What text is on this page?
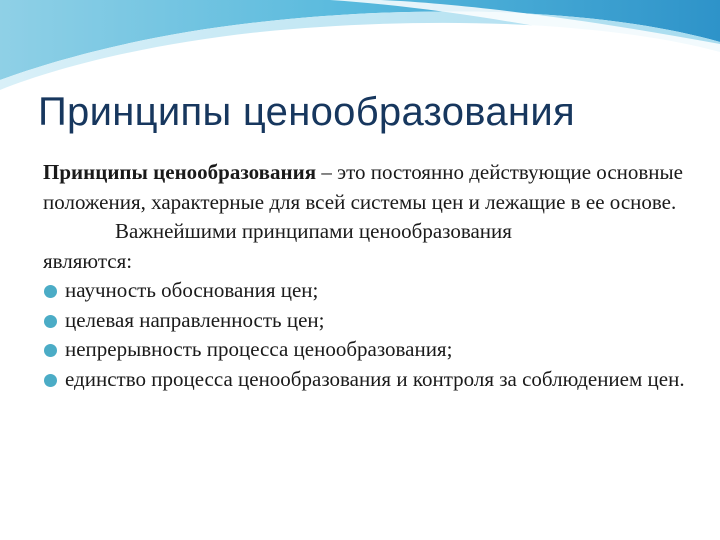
Принципы ценообразования

Принципы ценообразования – это постоянно действующие основные положения, характерные для всей системы цен и лежащие в ее основе.

Важнейшими принципами ценообразования

являются:

научность обоснования цен;
целевая направленность цен;
непрерывность процесса ценообразования;
единство процесса ценообразования и контроля за соблюдением цен.
